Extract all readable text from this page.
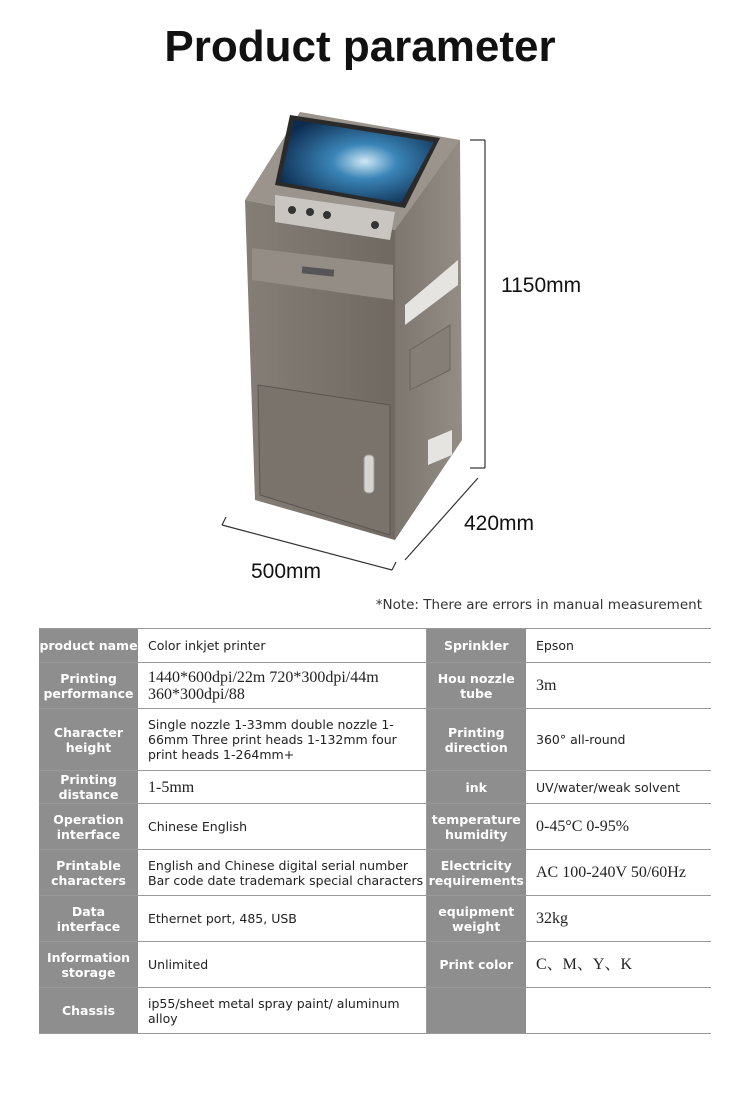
Product parameter
1150mm
420mm
500mm
*Note: There are errors in manual measurement
product name	Color inkjet printer	Sprinkler	Epson
Printing performance	1440*600dpi/22m 720*300dpi/44m 360*300dpi/88	Hou nozzle tube	3m
Character height	Single nozzle 1-33mm double nozzle 1-66mm Three print heads 1-132mm four print heads 1-264mm+	Printing direction	360° all-round
Printing distance	1-5mm	ink	UV/water/weak solvent
Operation interface	Chinese English	temperature humidity	0-45°C 0-95%
Printable characters	English and Chinese digital serial number Bar code date trademark special characters	Electricity requirements	AC 100-240V 50/60Hz
Data interface	Ethernet port, 485, USB	equipment weight	32kg
Information storage	Unlimited	Print color	C、M、Y、K
Chassis	ip55/sheet metal spray paint/ aluminum alloy		
